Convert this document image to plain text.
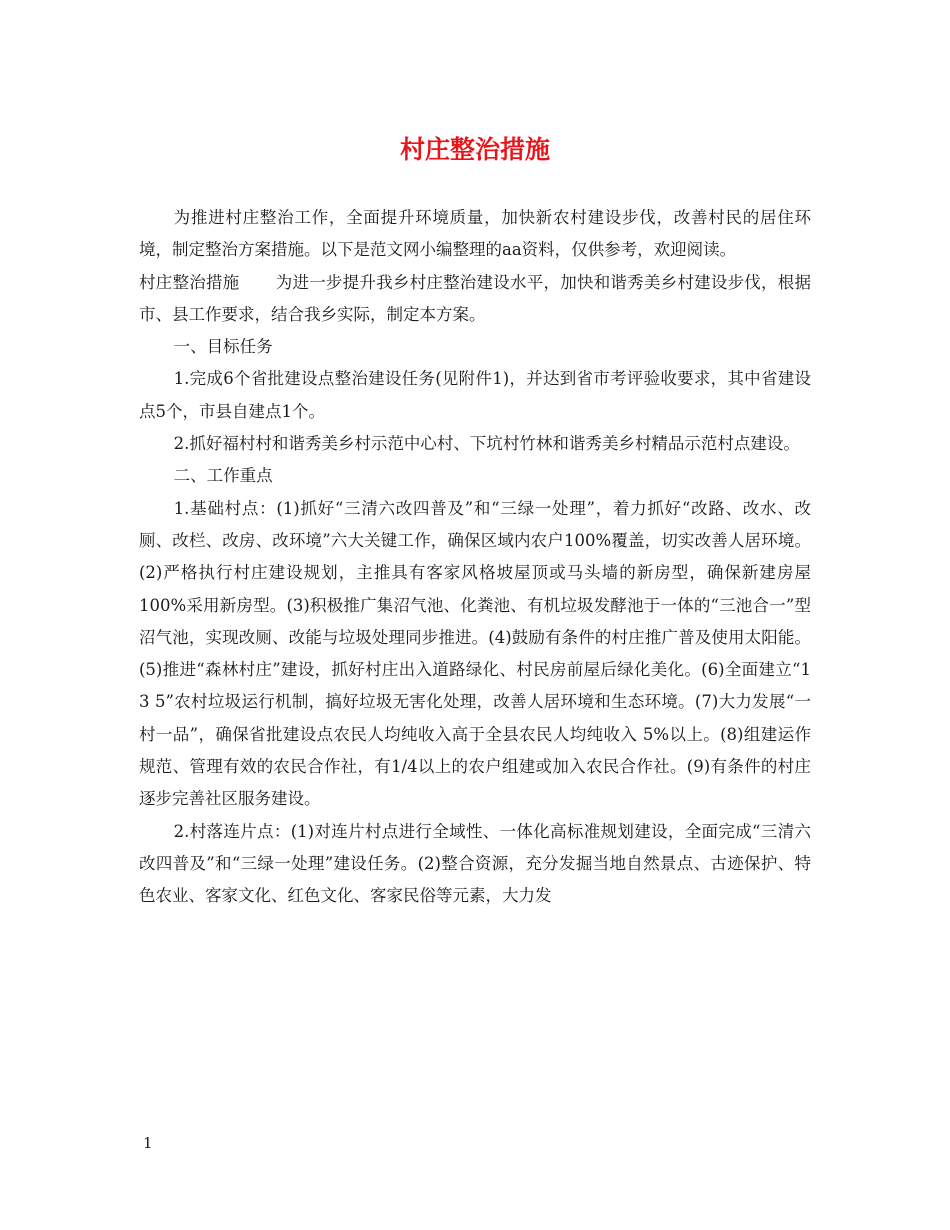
村庄整治措施

为推进村庄整治工作，全面提升环境质量，加快新农村建设步伐，改善村民的居住环境，制定整治方案措施。以下是范文网小编整理的aa资料，仅供参考，欢迎阅读。

村庄整治措施 为进一步提升我乡村庄整治建设水平，加快和谐秀美乡村建设步伐，根据市、县工作要求，结合我乡实际，制定本方案。

一、目标任务

1.完成6个省批建设点整治建设任务(见附件1)，并达到省市考评验收要求，其中省建设点5个，市县自建点1个。

2.抓好福村村和谐秀美乡村示范中心村、下坑村竹林和谐秀美乡村精品示范村点建设。

二、工作重点

1.基础村点：(1)抓好“三清六改四普及”和“三绿一处理”，着力抓好“改路、改水、改厕、改栏、改房、改环境”六大关键工作，确保区域内农户100%覆盖，切实改善人居环境。(2)严格执行村庄建设规划，主推具有客家风格坡屋顶或马头墙的新房型，确保新建房屋100%采用新房型。(3)积极推广集沼气池、化粪池、有机垃圾发酵池于一体的“三池合一”型沼气池，实现改厕、改能与垃圾处理同步推进。(4)鼓励有条件的村庄推广普及使用太阳能。(5)推进“森林村庄”建设，抓好村庄出入道路绿化、村民房前屋后绿化美化。(6)全面建立“1 3 5”农村垃圾运行机制，搞好垃圾无害化处理，改善人居环境和生态环境。(7)大力发展“一村一品”，确保省批建设点农民人均纯收入高于全县农民人均纯收入 5%以上。(8)组建运作规范、管理有效的农民合作社，有1/4以上的农户组建或加入农民合作社。(9)有条件的村庄逐步完善社区服务建设。

2.村落连片点：(1)对连片村点进行全域性、一体化高标准规划建设，全面完成“三清六改四普及”和“三绿一处理”建设任务。(2)整合资源，充分发掘当地自然景点、古迹保护、特色农业、客家文化、红色文化、客家民俗等元素，大力发

1
